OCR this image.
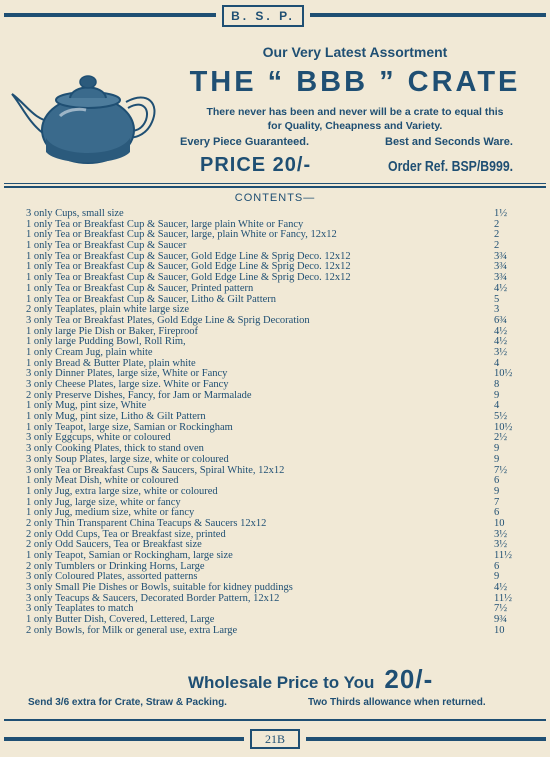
B. S. P.
Our Very Latest Assortment
THE “ BBB ” CRATE
There never has been and never will be a crate to equal this
for Quality, Cheapness and Variety.
Every Piece Guaranteed.	Best and Seconds Ware.
PRICE 20/-	Order Ref. BSP/B999.
CONTENTS—
3 only Cups, small size	1½
1 only Tea or Breakfast Cup & Saucer, large plain White or Fancy	2
1 only Tea or Breakfast Cup & Saucer, large, plain White or Fancy, 12x12	2
1 only Tea or Breakfast Cup & Saucer	2
1 only Tea or Breakfast Cup & Saucer, Gold Edge Line & Sprig Deco. 12x12	3¾
1 only Tea or Breakfast Cup & Saucer, Gold Edge Line & Sprig Deco. 12x12	3¾
1 only Tea or Breakfast Cup & Saucer, Gold Edge Line & Sprig Deco. 12x12	3¾
1 only Tea or Breakfast Cup & Saucer, Printed pattern	4½
1 only Tea or Breakfast Cup & Saucer, Litho & Gilt Pattern	5
2 only Teaplates, plain white large size	3
3 only Tea or Breakfast Plates, Gold Edge Line & Sprig Decoration	6¾
1 only large Pie Dish or Baker, Fireproof	4½
1 only large Pudding Bowl, Roll Rim,	4½
1 only Cream Jug, plain white	3½
1 only Bread & Butter Plate, plain white	4
3 only Dinner Plates, large size, White or Fancy	10½
3 only Cheese Plates, large size. White or Fancy	8
2 only Preserve Dishes, Fancy, for Jam or Marmalade	9
1 only Mug, pint size, White	4
1 only Mug, pint size, Litho & Gilt Pattern	5½
1 only Teapot, large size, Samian or Rockingham	10½
3 only Eggcups, white or coloured	2½
3 only Cooking Plates, thick to stand oven	9
3 only Soup Plates, large size, white or coloured	9
3 only Tea or Breakfast Cups & Saucers, Spiral White, 12x12	7½
1 only Meat Dish, white or coloured	6
1 only Jug, extra large size, white or coloured	9
1 only Jug, large size, white or fancy	7
1 only Jug, medium size, white or fancy	6
2 only Thin Transparent China Teacups & Saucers 12x12	10
2 only Odd Cups, Tea or Breakfast size, printed	3½
2 only Odd Saucers, Tea or Breakfast size	3½
1 only Teapot, Samian or Rockingham, large size	11½
2 only Tumblers or Drinking Horns, Large	6
3 only Coloured Plates, assorted patterns	9
3 only Small Pie Dishes or Bowls, suitable for kidney puddings	4½
3 only Teacups & Saucers, Decorated Border Pattern, 12x12	11½
3 only Teaplates to match	7½
1 only Butter Dish, Covered, Lettered, Large	9¾
2 only Bowls, for Milk or general use, extra Large	10
Wholesale Price to You 20/-
Send 3/6 extra for Crate, Straw & Packing.	Two Thirds allowance when returned.
21B
